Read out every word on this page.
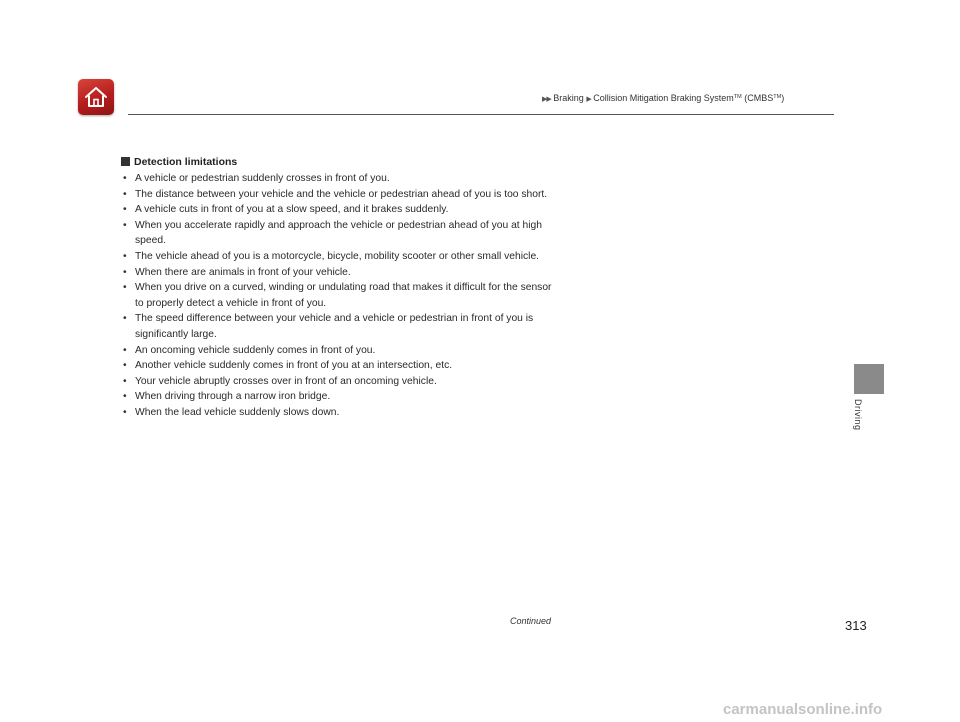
▶▶ Braking ▶ Collision Mitigation Braking System™ (CMBS™)
Detection limitations
• A vehicle or pedestrian suddenly crosses in front of you.
• The distance between your vehicle and the vehicle or pedestrian ahead of you is too short.
• A vehicle cuts in front of you at a slow speed, and it brakes suddenly.
• When you accelerate rapidly and approach the vehicle or pedestrian ahead of you at high speed.
• The vehicle ahead of you is a motorcycle, bicycle, mobility scooter or other small vehicle.
• When there are animals in front of your vehicle.
• When you drive on a curved, winding or undulating road that makes it difficult for the sensor to properly detect a vehicle in front of you.
• The speed difference between your vehicle and a vehicle or pedestrian in front of you is significantly large.
• An oncoming vehicle suddenly comes in front of you.
• Another vehicle suddenly comes in front of you at an intersection, etc.
• Your vehicle abruptly crosses over in front of an oncoming vehicle.
• When driving through a narrow iron bridge.
• When the lead vehicle suddenly slows down.	Driving
Continued	313
carmanualsonline.info
